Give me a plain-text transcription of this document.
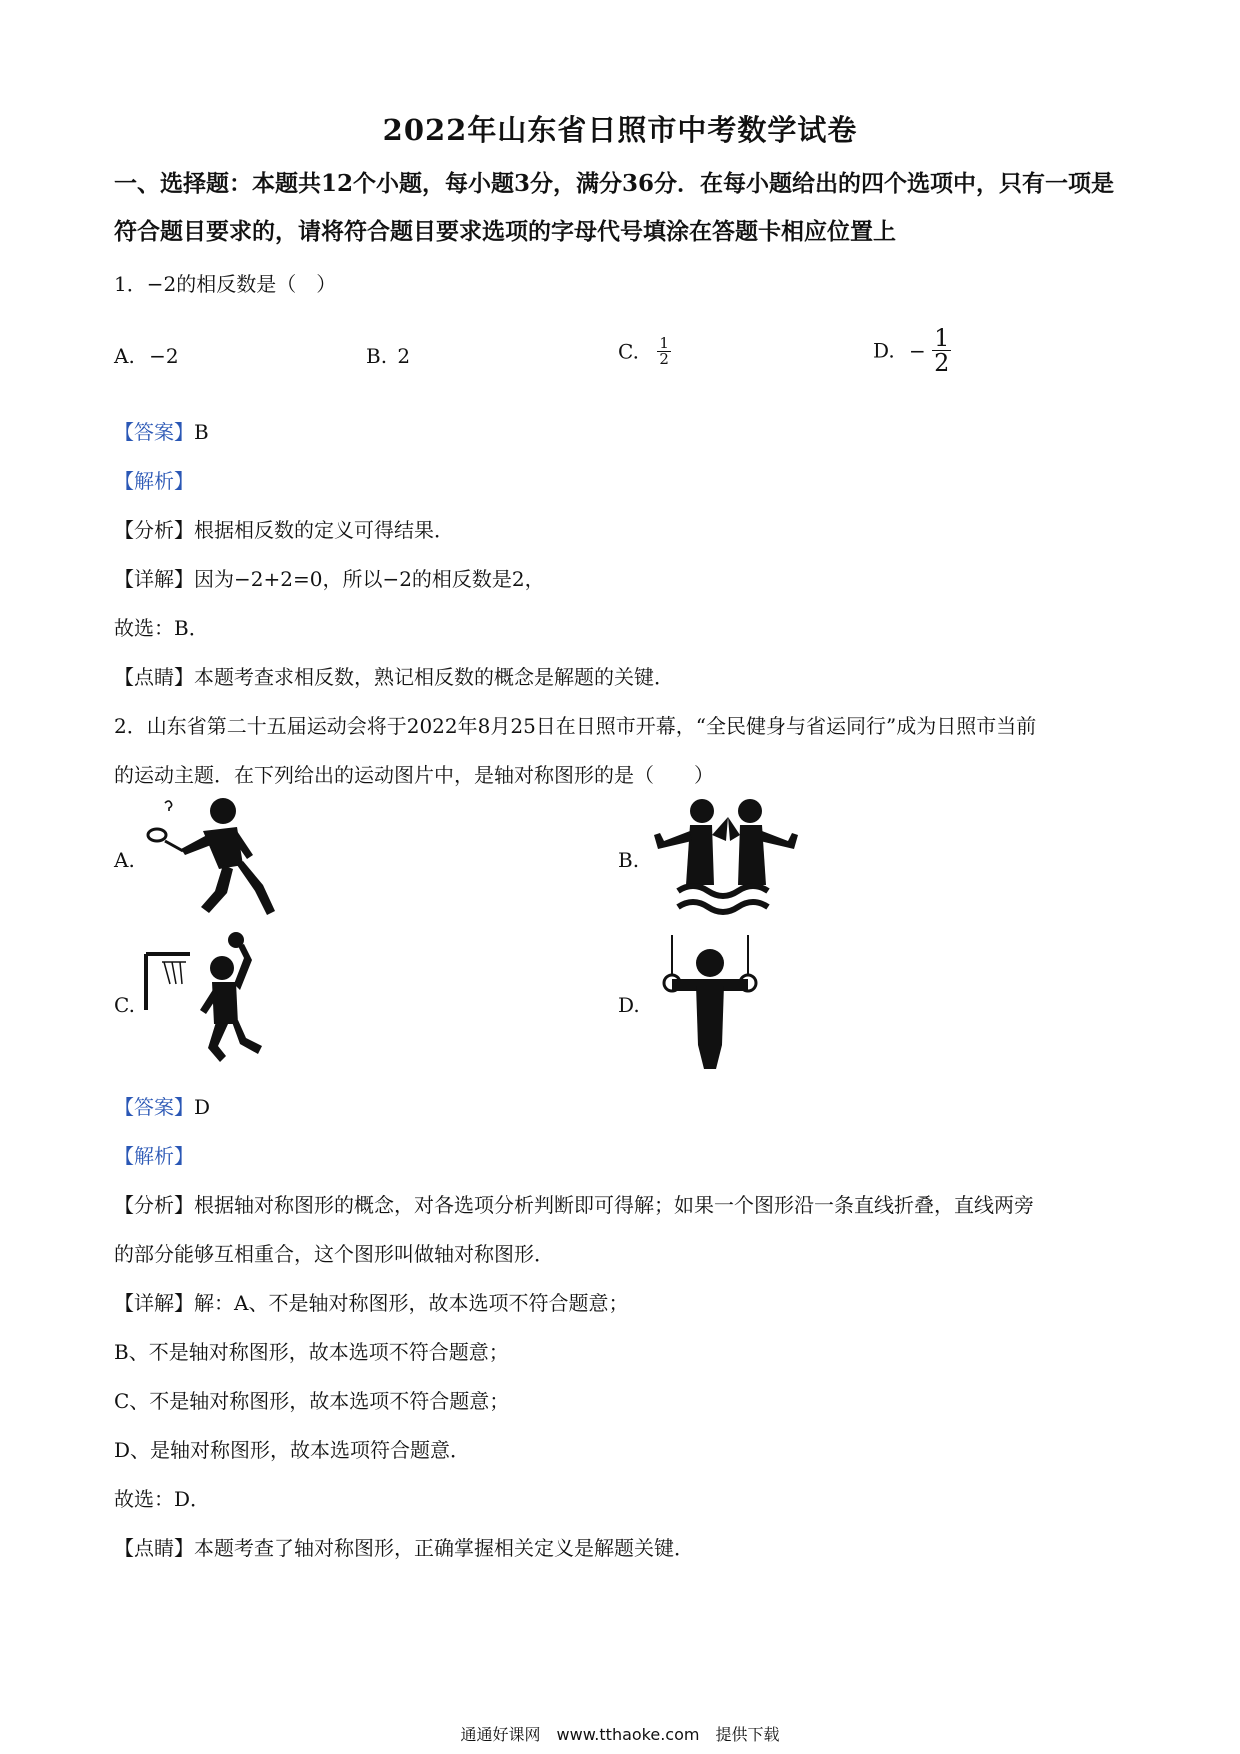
2022年山东省日照市中考数学试卷
一、选择题：本题共12个小题，每小题3分，满分36分．在每小题给出的四个选项中，只有一项是符合题目要求的，请将符合题目要求选项的字母代号填涂在答题卡相应位置上
1．−2的相反数是（　）
A. −2	B. 2	C. $\frac{1}{2}$	D. − $\frac{1}{2}$
【答案】B
【解析】
【分析】根据相反数的定义可得结果．
【详解】因为−2+2=0，所以−2的相反数是2，
故选：B．
【点睛】本题考查求相反数，熟记相反数的概念是解题的关键．
2．山东省第二十五届运动会将于2022年8月25日在日照市开幕，“全民健身与省运同行”成为日照市当前
的运动主题．在下列给出的运动图片中，是轴对称图形的是（　　）
A.	B.
C.	D.
【答案】D
【解析】
【分析】根据轴对称图形的概念，对各选项分析判断即可得解；如果一个图形沿一条直线折叠，直线两旁
的部分能够互相重合，这个图形叫做轴对称图形．
【详解】解：A、不是轴对称图形，故本选项不符合题意；
B、不是轴对称图形，故本选项不符合题意；
C、不是轴对称图形，故本选项不符合题意；
D、是轴对称图形，故本选项符合题意．
故选：D．
【点睛】本题考查了轴对称图形，正确掌握相关定义是解题关键．
通通好课网　www.tthaoke.com　提供下载
